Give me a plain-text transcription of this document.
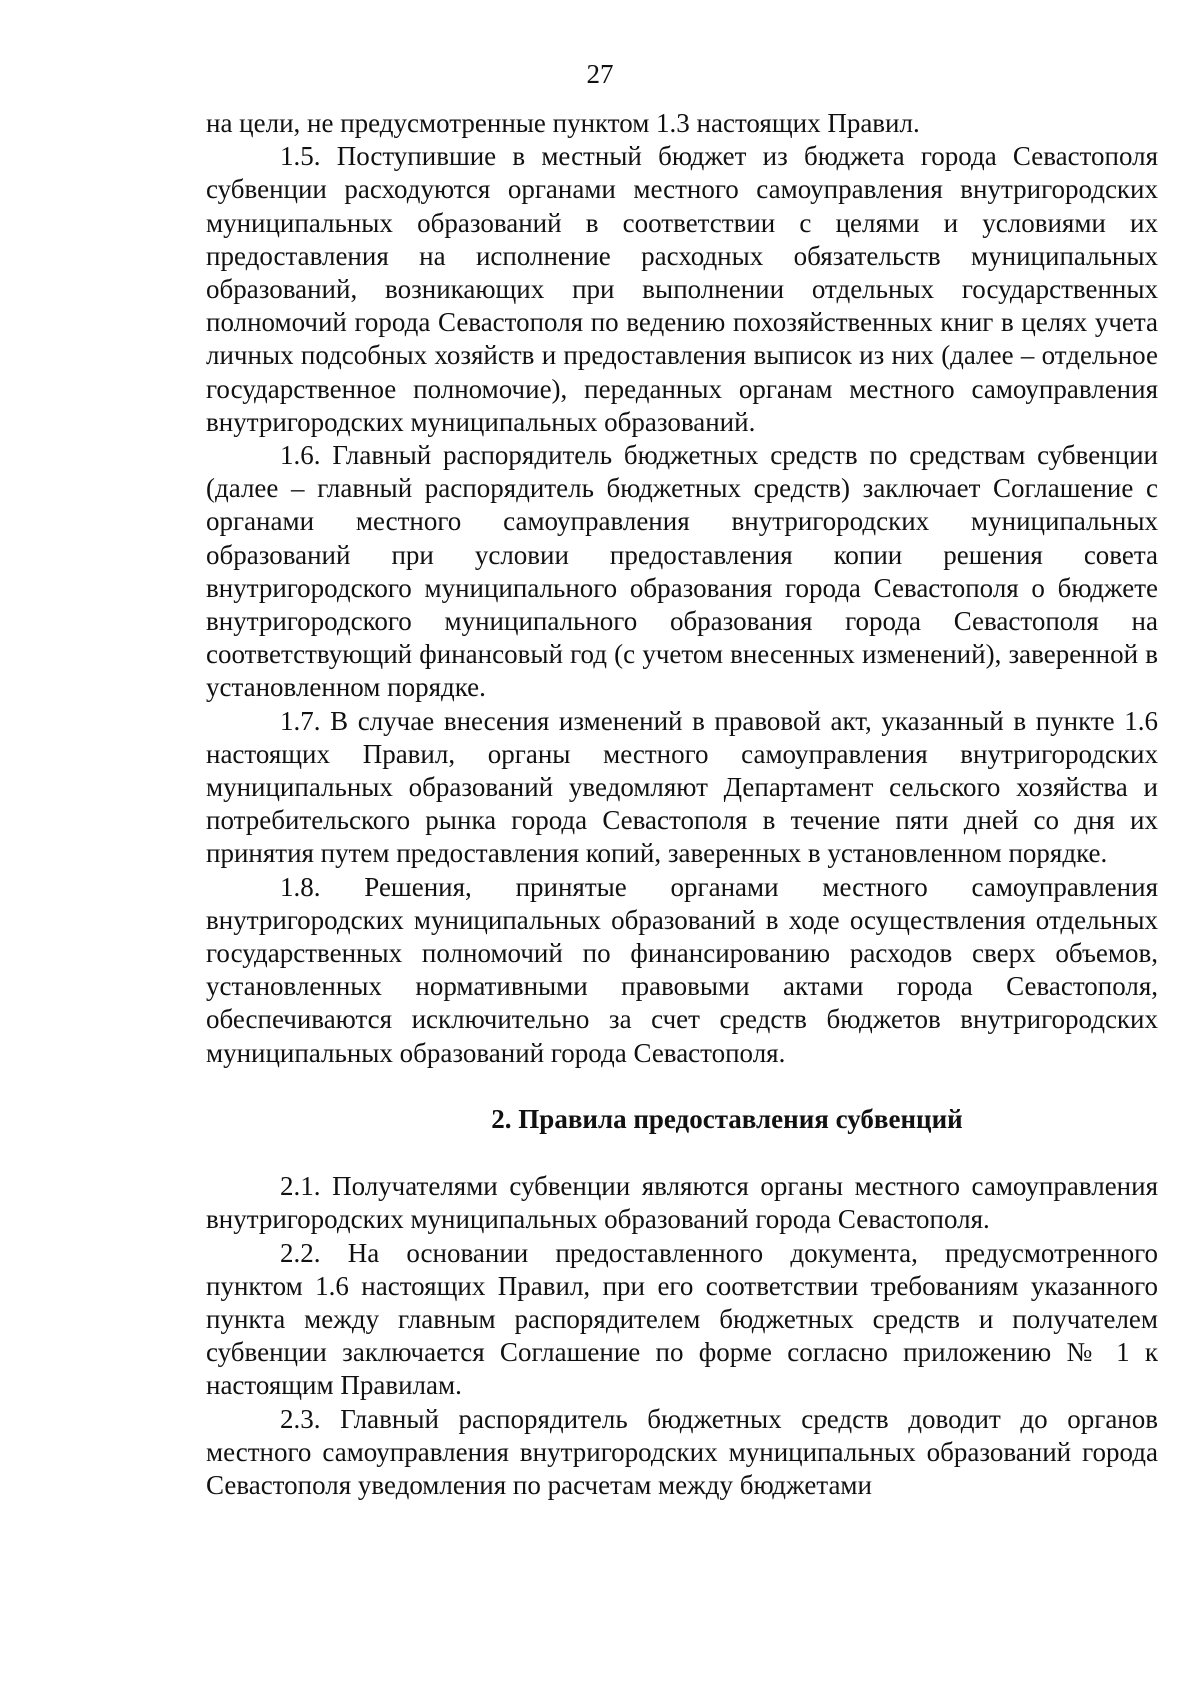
27

на цели, не предусмотренные пунктом 1.3 настоящих Правил.

1.5. Поступившие в местный бюджет из бюджета города Севастополя субвенции расходуются органами местного самоуправления внутригородских муниципальных образований в соответствии с целями и условиями их предоставления на исполнение расходных обязательств муниципальных образований, возникающих при выполнении отдельных государственных полномочий города Севастополя по ведению похозяйственных книг в целях учета личных подсобных хозяйств и предоставления выписок из них (далее – отдельное государственное полномочие), переданных органам местного самоуправления внутригородских муниципальных образований.

1.6. Главный распорядитель бюджетных средств по средствам субвенции (далее – главный распорядитель бюджетных средств) заключает Соглашение с органами местного самоуправления внутригородских муниципальных образований при условии предоставления копии решения совета внутригородского муниципального образования города Севастополя о бюджете внутригородского муниципального образования города Севастополя на соответствующий финансовый год (с учетом внесенных изменений), заверенной в установленном порядке.

1.7. В случае внесения изменений в правовой акт, указанный в пункте 1.6 настоящих Правил, органы местного самоуправления внутригородских муниципальных образований уведомляют Департамент сельского хозяйства и потребительского рынка города Севастополя в течение пяти дней со дня их принятия путем предоставления копий, заверенных в установленном порядке.

1.8. Решения, принятые органами местного самоуправления внутригородских муниципальных образований в ходе осуществления отдельных государственных полномочий по финансированию расходов сверх объемов, установленных нормативными правовыми актами города Севастополя, обеспечиваются исключительно за счет средств бюджетов внутригородских муниципальных образований города Севастополя.

2. Правила предоставления субвенций

2.1. Получателями субвенции являются органы местного самоуправления внутригородских муниципальных образований города Севастополя.

2.2. На основании предоставленного документа, предусмотренного пунктом 1.6 настоящих Правил, при его соответствии требованиям указанного пункта между главным распорядителем бюджетных средств и получателем субвенции заключается Соглашение по форме согласно приложению № 1 к настоящим Правилам.

2.3. Главный распорядитель бюджетных средств доводит до органов местного самоуправления внутригородских муниципальных образований города Севастополя уведомления по расчетам между бюджетами
